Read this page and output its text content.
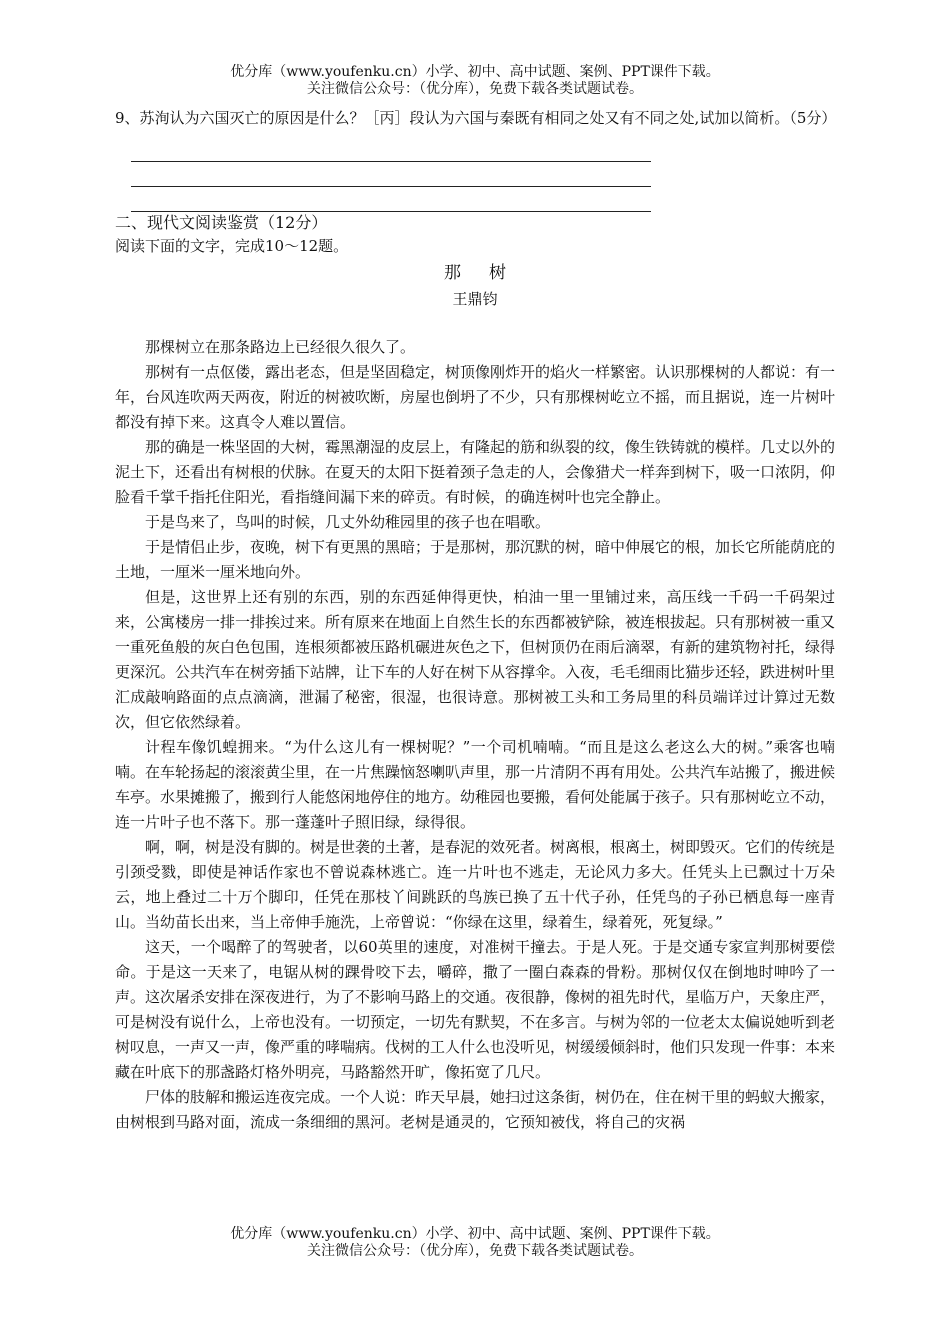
优分库（www.youfenku.cn）小学、初中、高中试题、案例、PPT课件下载。
关注微信公众号：（优分库），免费下载各类试题试卷。

9、苏洵认为六国灭亡的原因是什么？［丙］段认为六国与秦既有相同之处又有不同之处,试加以简析。（5分）

二、现代文阅读鉴赏（12分）

阅读下面的文字，完成10～12题。

那树

王鼎钧

那棵树立在那条路边上已经很久很久了。

那树有一点伛偻，露出老态，但是坚固稳定，树顶像刚炸开的焰火一样繁密。认识那棵树的人都说：有一年，台风连吹两天两夜，附近的树被吹断，房屋也倒坍了不少，只有那棵树屹立不摇，而且据说，连一片树叶都没有掉下来。这真令人难以置信。

那的确是一株坚固的大树，霉黑潮湿的皮层上，有隆起的筋和纵裂的纹，像生铁铸就的模样。几丈以外的泥土下，还看出有树根的伏脉。在夏天的太阳下挺着颈子急走的人，会像猎犬一样奔到树下，吸一口浓阴，仰脸看千掌千指托住阳光，看指缝间漏下来的碎贡。有时候，的确连树叶也完全静止。

于是鸟来了，鸟叫的时候，几丈外幼稚园里的孩子也在唱歌。

于是情侣止步，夜晚，树下有更黑的黑暗；于是那树，那沉默的树，暗中伸展它的根，加长它所能荫庇的土地，一厘米一厘米地向外。

但是，这世界上还有别的东西，别的东西延伸得更快，柏油一里一里铺过来，高压线一千码一千码架过来，公寓楼房一排一排挨过来。所有原来在地面上自然生长的东西都被铲除，被连根拔起。只有那树被一重又一重死鱼般的灰白色包围，连根须都被压路机碾进灰色之下，但树顶仍在雨后滴翠，有新的建筑物衬托，绿得更深沉。公共汽车在树旁插下站牌，让下车的人好在树下从容撑伞。入夜，毛毛细雨比猫步还轻，跌进树叶里汇成敲响路面的点点滴滴，泄漏了秘密，很湿，也很诗意。那树被工头和工务局里的科员端详过计算过无数次，但它依然绿着。

计程车像饥蝗拥来。“为什么这儿有一棵树呢？”一个司机喃喃。“而且是这么老这么大的树。”乘客也喃喃。在车轮扬起的滚滚黄尘里，在一片焦躁恼怒喇叭声里，那一片清阴不再有用处。公共汽车站搬了，搬进候车亭。水果摊搬了，搬到行人能悠闲地停住的地方。幼稚园也要搬，看何处能属于孩子。只有那树屹立不动，连一片叶子也不落下。那一蓬蓬叶子照旧绿，绿得很。

啊，啊，树是没有脚的。树是世袭的土著，是春泥的效死者。树离根，根离土，树即毁灭。它们的传统是引颈受戮，即使是神话作家也不曾说森林逃亡。连一片叶也不逃走，无论风力多大。任凭头上已飘过十万朵云，地上叠过二十万个脚印，任凭在那枝丫间跳跃的鸟族已换了五十代子孙，任凭鸟的子孙已栖息每一座青山。当幼苗长出来，当上帝伸手施洗，上帝曾说：“你绿在这里，绿着生，绿着死，死复绿。”

这天，一个喝醉了的驾驶者，以60英里的速度，对准树干撞去。于是人死。于是交通专家宣判那树要偿命。于是这一天来了，电锯从树的踝骨咬下去，嚼碎，撒了一圈白森森的骨粉。那树仅仅在倒地时呻吟了一声。这次屠杀安排在深夜进行，为了不影响马路上的交通。夜很静，像树的祖先时代，星临万户，天象庄严，可是树没有说什么，上帝也没有。一切预定，一切先有默契，不在多言。与树为邻的一位老太太偏说她听到老树叹息，一声又一声，像严重的哮喘病。伐树的工人什么也没听见，树缓缓倾斜时，他们只发现一件事：本来藏在叶底下的那盏路灯格外明亮，马路豁然开旷，像拓宽了几尺。

尸体的肢解和搬运连夜完成。一个人说：昨天早晨，她扫过这条街，树仍在，住在树干里的蚂蚁大搬家，由树根到马路对面，流成一条细细的黑河。老树是通灵的，它预知被伐，将自己的灾祸

优分库（www.youfenku.cn）小学、初中、高中试题、案例、PPT课件下载。
关注微信公众号：（优分库），免费下载各类试题试卷。
